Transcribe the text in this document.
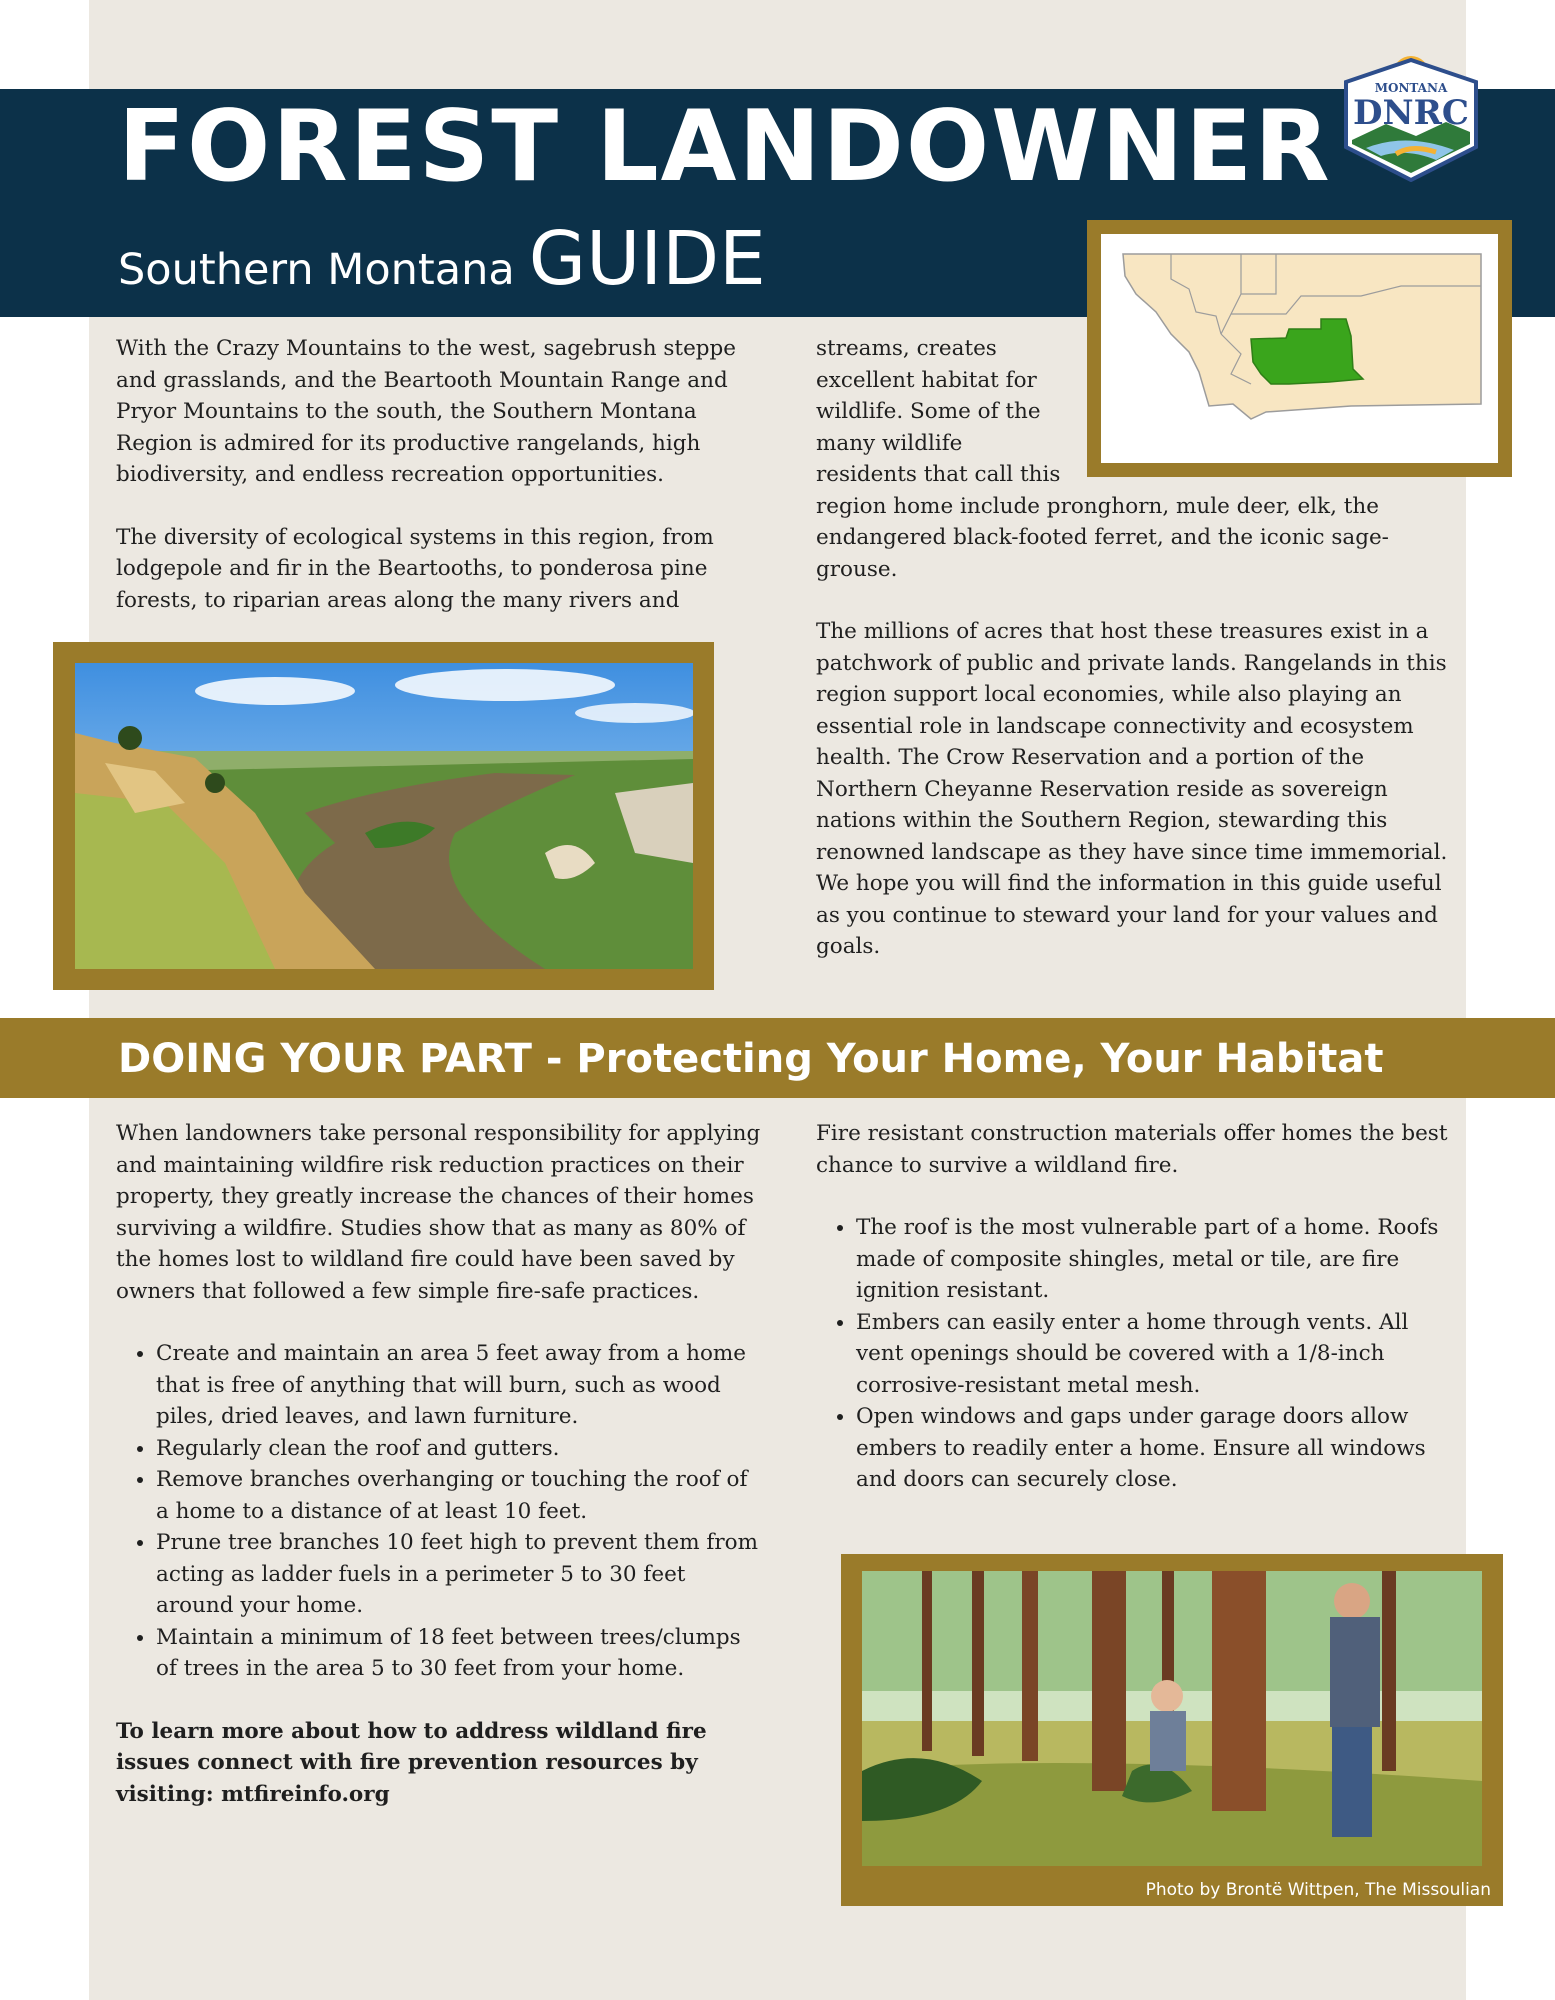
FOREST LANDOWNER
Southern Montana GUIDE
MONTANA
DNRC

With the Crazy Mountains to the west, sagebrush steppe and grasslands, and the Beartooth Mountain Range and Pryor Mountains to the south, the Southern Montana Region is admired for its productive rangelands, high biodiversity, and endless recreation opportunities.

The diversity of ecological systems in this region, from lodgepole and fir in the Beartooths, to ponderosa pine forests, to riparian areas along the many rivers and

streams, creates
excellent habitat for
wildlife. Some of the
many wildlife
residents that call this

region home include pronghorn, mule deer, elk, the endangered black-footed ferret, and the iconic sage-grouse.

The millions of acres that host these treasures exist in a patchwork of public and private lands. Rangelands in this region support local economies, while also playing an essential role in landscape connectivity and ecosystem health. The Crow Reservation and a portion of the Northern Cheyanne Reservation reside as sovereign nations within the Southern Region, stewarding this renowned landscape as they have since time immemorial. We hope you will find the information in this guide useful as you continue to steward your land for your values and goals.

DOING YOUR PART - Protecting Your Home, Your Habitat

When landowners take personal responsibility for applying and maintaining wildfire risk reduction practices on their property, they greatly increase the chances of their homes surviving a wildfire. Studies show that as many as 80% of the homes lost to wildland fire could have been saved by owners that followed a few simple fire-safe practices.

• Create and maintain an area 5 feet away from a home that is free of anything that will burn, such as wood piles, dried leaves, and lawn furniture.
• Regularly clean the roof and gutters.
• Remove branches overhanging or touching the roof of a home to a distance of at least 10 feet.
• Prune tree branches 10 feet high to prevent them from acting as ladder fuels in a perimeter 5 to 30 feet around your home.
• Maintain a minimum of 18 feet between trees/clumps of trees in the area 5 to 30 feet from your home.

To learn more about how to address wildland fire issues connect with fire prevention resources by visiting: mtfireinfo.org

Fire resistant construction materials offer homes the best chance to survive a wildland fire.

• The roof is the most vulnerable part of a home. Roofs made of composite shingles, metal or tile, are fire ignition resistant.
• Embers can easily enter a home through vents. All vent openings should be covered with a 1/8-inch corrosive-resistant metal mesh.
• Open windows and gaps under garage doors allow embers to readily enter a home. Ensure all windows and doors can securely close.
Photo by Brontë Wittpen, The Missoulian
